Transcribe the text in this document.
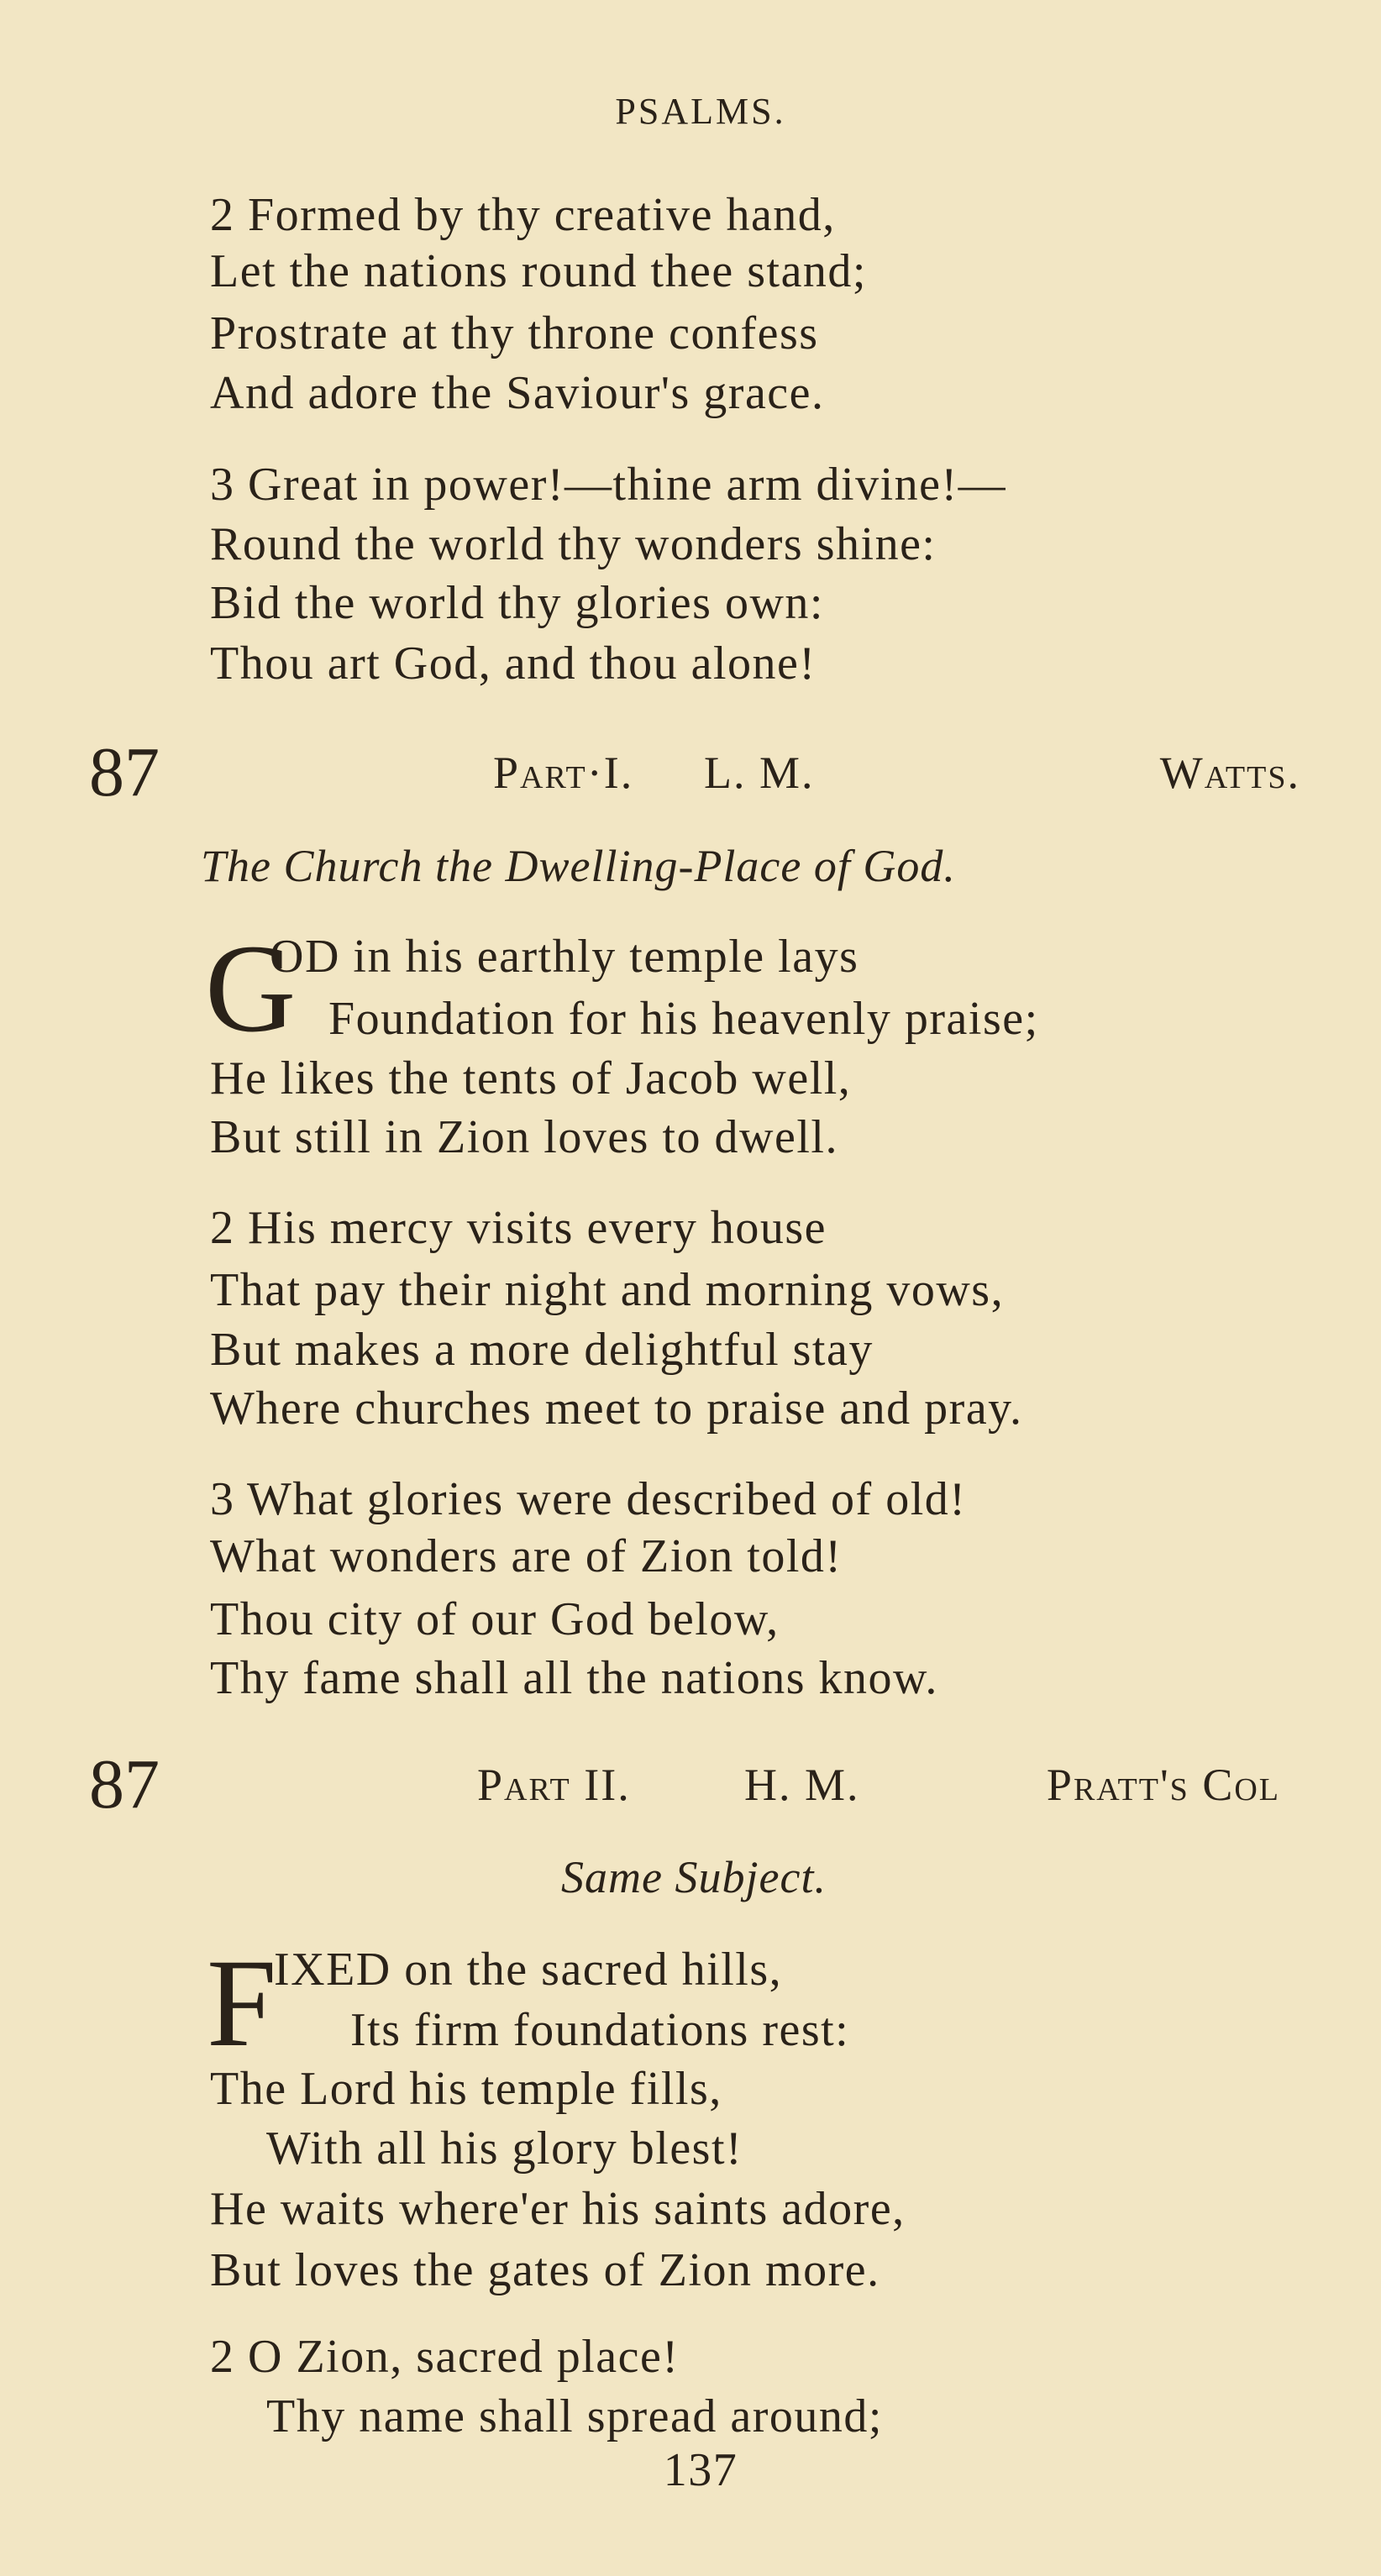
PSALMS.
2 Formed by thy creative hand,
Let the nations round thee stand;
Prostrate at thy throne confess
And adore the Saviour's grace.
3 Great in power!—thine arm divine!—
Round the world thy wonders shine:
Bid the world thy glories own:
Thou art God, and thou alone!
87	Part·I. L. M.	Watts.
The Church the Dwelling-Place of God.
G
OD in his earthly temple lays
Foundation for his heavenly praise;
He likes the tents of Jacob well,
But still in Zion loves to dwell.
2 His mercy visits every house
That pay their night and morning vows,
But makes a more delightful stay
Where churches meet to praise and pray.
3 What glories were described of old!
What wonders are of Zion told!
Thou city of our God below,
Thy fame shall all the nations know.
87	Part II.	H. M.	Pratt's Col
Same Subject.
F
IXED on the sacred hills,
Its firm foundations rest:
The Lord his temple fills,
With all his glory blest!
He waits where'er his saints adore,
But loves the gates of Zion more.
2 O Zion, sacred place!
Thy name shall spread around;
137
